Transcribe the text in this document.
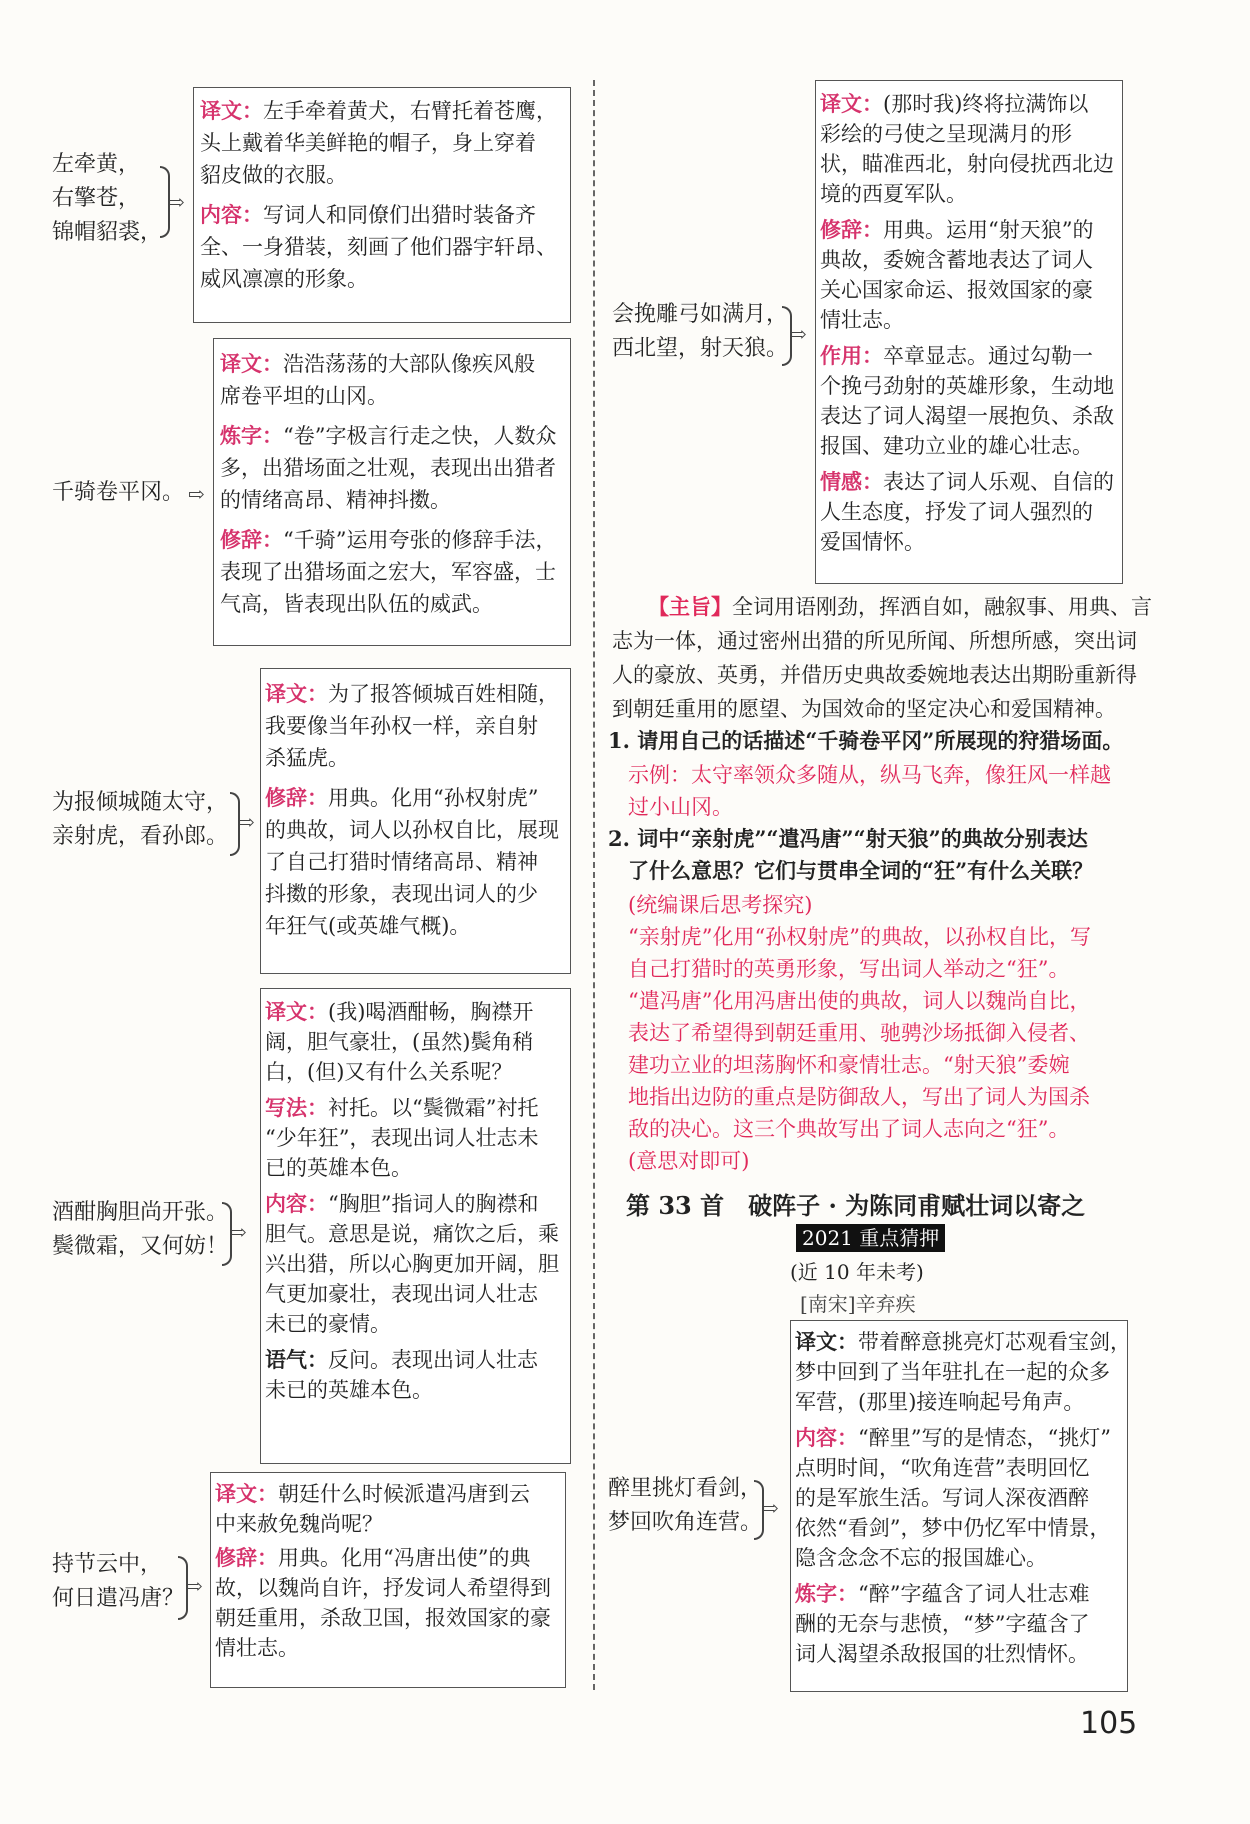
左牵黄，
右擎苍，
锦帽貂裘，
⇨
译文：左手牵着黄犬，右臂托着苍鹰，
头上戴着华美鲜艳的帽子，身上穿着
貂皮做的衣服。
内容：写词人和同僚们出猎时装备齐
全、一身猎装，刻画了他们器宇轩昂、
威风凛凛的形象。
千骑卷平冈。 ⇨
译文：浩浩荡荡的大部队像疾风般
席卷平坦的山冈。
炼字：“卷”字极言行走之快，人数众
多，出猎场面之壮观，表现出出猎者
的情绪高昂、精神抖擞。
修辞：“千骑”运用夸张的修辞手法，
表现了出猎场面之宏大，军容盛，士
气高，皆表现出队伍的威武。
为报倾城随太守，
亲射虎，看孙郎。
⇨
译文：为了报答倾城百姓相随，
我要像当年孙权一样，亲自射
杀猛虎。
修辞：用典。化用“孙权射虎”
的典故，词人以孙权自比，展现
了自己打猎时情绪高昂、精神
抖擞的形象，表现出词人的少
年狂气(或英雄气概)。
酒酣胸胆尚开张。
鬓微霜，又何妨！
⇨
译文：(我)喝酒酣畅，胸襟开
阔，胆气豪壮，(虽然)鬓角稍
白，(但)又有什么关系呢？
写法：衬托。以“鬓微霜”衬托
“少年狂”，表现出词人壮志未
已的英雄本色。
内容：“胸胆”指词人的胸襟和
胆气。意思是说，痛饮之后，乘
兴出猎，所以心胸更加开阔，胆
气更加豪壮，表现出词人壮志
未已的豪情。
语气：反问。表现出词人壮志
未已的英雄本色。
持节云中，
何日遣冯唐？ ⇨
译文：朝廷什么时候派遣冯唐到云
中来赦免魏尚呢？
修辞：用典。化用“冯唐出使”的典
故，以魏尚自许，抒发词人希望得到
朝廷重用，杀敌卫国，报效国家的豪
情壮志。
会挽雕弓如满月，
西北望，射天狼。
⇨
译文：(那时我)终将拉满饰以
彩绘的弓使之呈现满月的形
状，瞄准西北，射向侵扰西北边
境的西夏军队。
修辞：用典。运用“射天狼”的
典故，委婉含蓄地表达了词人
关心国家命运、报效国家的豪
情壮志。
作用：卒章显志。通过勾勒一
个挽弓劲射的英雄形象，生动地
表达了词人渴望一展抱负、杀敌
报国、建功立业的雄心壮志。
情感：表达了词人乐观、自信的
人生态度，抒发了词人强烈的
爱国情怀。
【主旨】全词用语刚劲，挥洒自如，融叙事、用典、言
志为一体，通过密州出猎的所见所闻、所想所感，突出词
人的豪放、英勇，并借历史典故委婉地表达出期盼重新得
到朝廷重用的愿望、为国效命的坚定决心和爱国精神。
1. 请用自己的话描述“千骑卷平冈”所展现的狩猎场面。
示例：太守率领众多随从，纵马飞奔，像狂风一样越
过小山冈。
2. 词中“亲射虎”“遣冯唐”“射天狼”的典故分别表达
了什么意思？它们与贯串全词的“狂”有什么关联？
(统编课后思考探究)
“亲射虎”化用“孙权射虎”的典故，以孙权自比，写
自己打猎时的英勇形象，写出词人举动之“狂”。
“遣冯唐”化用冯唐出使的典故，词人以魏尚自比，
表达了希望得到朝廷重用、驰骋沙场抵御入侵者、
建功立业的坦荡胸怀和豪情壮志。“射天狼”委婉
地指出边防的重点是防御敌人，写出了词人为国杀
敌的决心。这三个典故写出了词人志向之“狂”。
(意思对即可)
第 33 首　破阵子 · 为陈同甫赋壮词以寄之
2021 重点猜押
(近 10 年未考)
[南宋]辛弃疾
醉里挑灯看剑，
梦回吹角连营。
⇨
译文：带着醉意挑亮灯芯观看宝剑，
梦中回到了当年驻扎在一起的众多
军营，(那里)接连响起号角声。
内容：“醉里”写的是情态，“挑灯”
点明时间，“吹角连营”表明回忆
的是军旅生活。写词人深夜酒醉
依然“看剑”，梦中仍忆军中情景，
隐含念念不忘的报国雄心。
炼字：“醉”字蕴含了词人壮志难
酬的无奈与悲愤，“梦”字蕴含了
词人渴望杀敌报国的壮烈情怀。
105
